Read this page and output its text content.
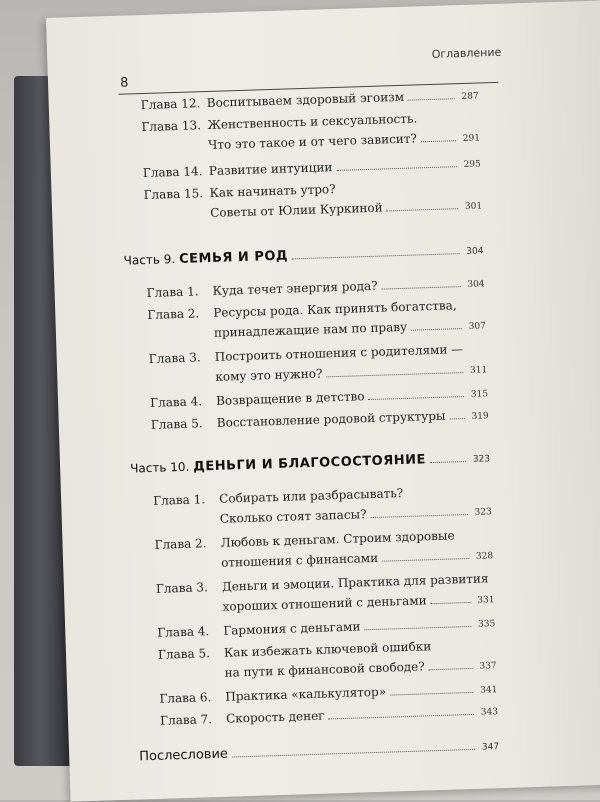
Оглавление
8
Глава 12. Воспитываем здоровый эгоизм	287
Глава 13. Женственность и сексуальность.
Что это такое и от чего зависит?	291
Глава 14. Развитие интуиции	295
Глава 15. Как начинать утро?
Советы от Юлии Куркиной	301
Часть 9. СЕМЬЯ И РОД	304
Глава 1. Куда течет энергия рода?	304
Глава 2. Ресурсы рода. Как принять богатства,
принадлежащие нам по праву	307
Глава 3. Построить отношения с родителями —
кому это нужно?	311
Глава 4. Возвращение в детство	315
Глава 5. Восстановление родовой структуры	319
Часть 10. ДЕНЬГИ И БЛАГОСОСТОЯНИЕ	323
Глава 1. Собирать или разбрасывать?
Сколько стоят запасы?	323
Глава 2. Любовь к деньгам. Строим здоровые
отношения с финансами	328
Глава 3. Деньги и эмоции. Практика для развития
хороших отношений с деньгами	331
Глава 4. Гармония с деньгами	335
Глава 5. Как избежать ключевой ошибки
на пути к финансовой свободе?	337
Глава 6. Практика «калькулятор»	341
Глава 7. Скорость денег	343
Послесловие	347
